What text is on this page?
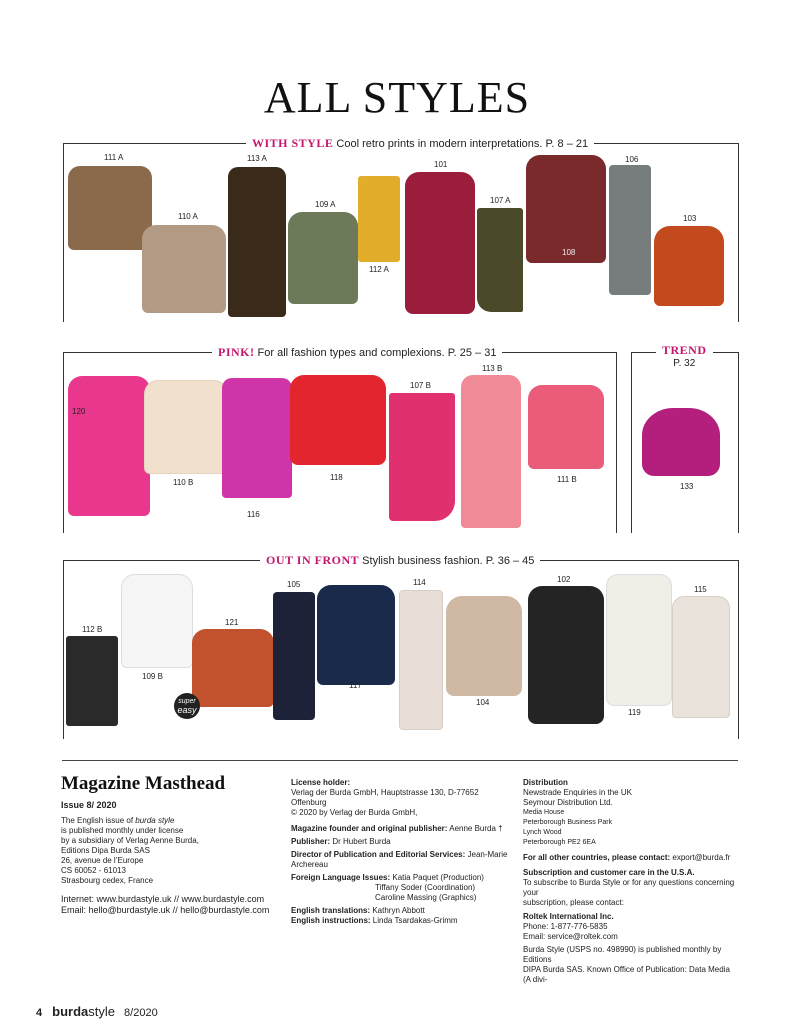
ALL STYLES
WITH STYLE Cool retro prints in modern interpretations. P. 8 – 21
PINK! For all fashion types and complexions. P. 25 – 31	TREND
P. 32
OUT IN FRONT Stylish business fashion. P. 36 – 45
111 A
110 A
113 A
109 A
112 A
101
107 A
108
106
103
120
110 B
116
118
107 B
113 B
111 B
133
112 B
109 B
121
super
easy
105
117
114
104
102
119
115
Magazine Masthead
Issue 8/ 2020
The English issue of burda style
is published monthly under license
by a subsidiary of Verlag Aenne Burda,
Editions Dipa Burda SAS
26, avenue de l’Europe
CS 60052 - 61013
Strasbourg cedex, France
Internet: www.burdastyle.uk // www.burdastyle.com
Email: hello@burdastyle.uk // hello@burdastyle.com
License holder:
Verlag der Burda GmbH, Hauptstrasse 130, D-77652 Offenburg
© 2020 by Verlag der Burda GmbH,
Magazine founder and original publisher: Aenne Burda †
Publisher: Dr Hubert Burda
Director of Publication and Editorial Services: Jean-Marie
Archereau
Foreign Language Issues: Katia Paquet (Production)
Tiffany Soder (Coordination)
Caroline Massing (Graphics)
English translations: Kathryn Abbott
English instructions: Linda Tsardakas-Grimm
Distribution
Newstrade Enquiries in the UK
Seymour Distribution Ltd.
Media House
Peterborough Business Park
Lynch Wood
Peterborough PE2 6EA
For all other countries, please contact: export@burda.fr
Subscription and customer care in the U.S.A.
To subscribe to Burda Style or for any questions concerning your
subscription, please contact:
Roltek International Inc.
Phone: 1-877-776-5835
Email: service@roltek.com
Burda Style (USPS no. 498990) is published monthly by Editions
DIPA Burda SAS. Known Office of Publication: Data Media (A divi-
4 burdastyle 8/2020
